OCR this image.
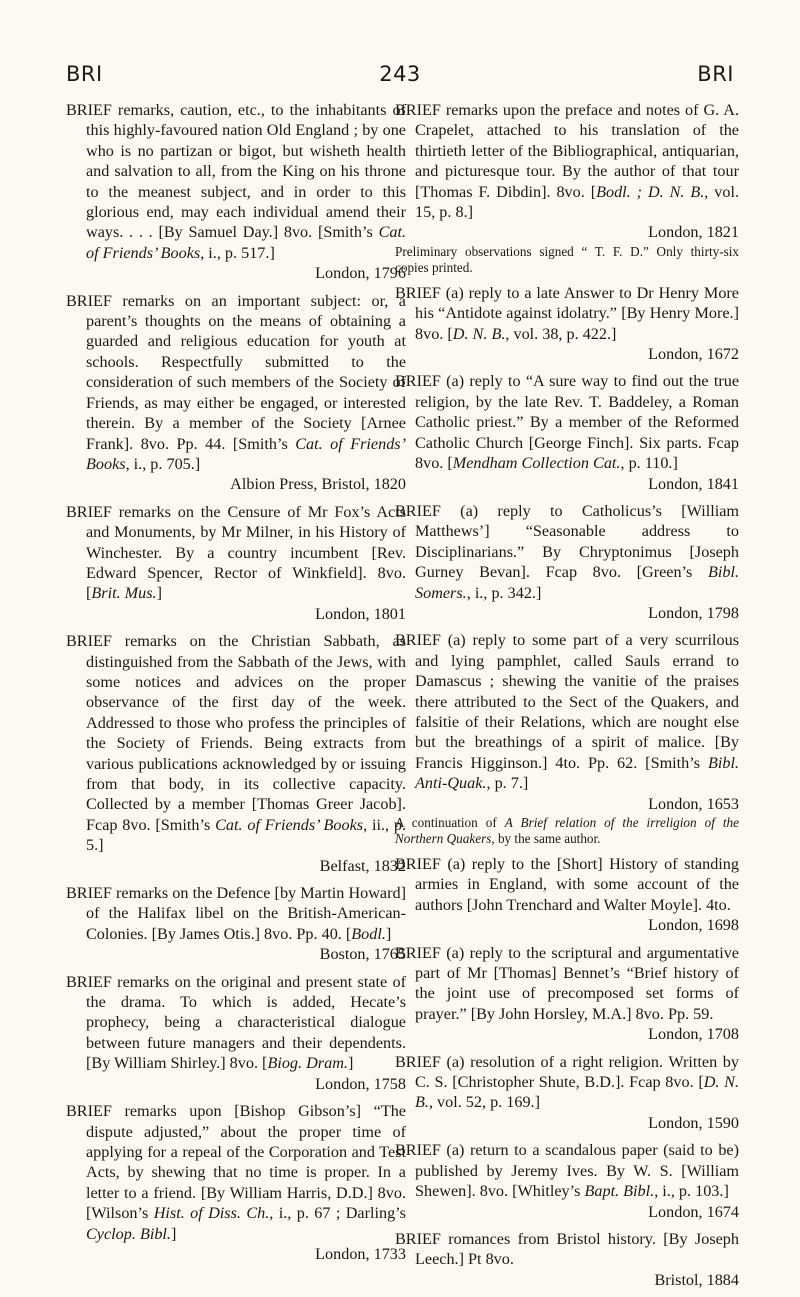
BRI	243	BRI

BRIEF remarks, caution, etc., to the inhabitants of this highly-favoured nation Old England ; by one who is no partizan or bigot, but wisheth health and salvation to all, from the King on his throne to the meanest subject, and in order to this glorious end, may each individual amend their ways. . . . [By Samuel Day.] 8vo. [Smith’s Cat. of Friends’ Books, i., p. 517.]
London, 1796

BRIEF remarks on an important subject: or, a parent’s thoughts on the means of obtaining a guarded and religious education for youth at schools. Respectfully submitted to the consideration of such members of the Society of Friends, as may either be engaged, or interested therein. By a member of the Society [Arnee Frank]. 8vo. Pp. 44. [Smith’s Cat. of Friends’ Books, i., p. 705.]
Albion Press, Bristol, 1820

BRIEF remarks on the Censure of Mr Fox’s Acts and Monuments, by Mr Milner, in his History of Winchester. By a country incumbent [Rev. Edward Spencer, Rector of Winkfield]. 8vo. [Brit. Mus.]
London, 1801

BRIEF remarks on the Christian Sabbath, as distinguished from the Sabbath of the Jews, with some notices and advices on the proper observance of the first day of the week. Addressed to those who profess the principles of the Society of Friends. Being extracts from various publications acknowledged by or issuing from that body, in its collective capacity. Collected by a member [Thomas Greer Jacob]. Fcap 8vo. [Smith’s Cat. of Friends’ Books, ii., p. 5.]
Belfast, 1832

BRIEF remarks on the Defence [by Martin Howard] of the Halifax libel on the British-American-Colonies. [By James Otis.] 8vo. Pp. 40. [Bodl.]
Boston, 1765

BRIEF remarks on the original and present state of the drama. To which is added, Hecate’s prophecy, being a characteristical dialogue between future managers and their dependents. [By William Shirley.] 8vo. [Biog. Dram.]
London, 1758

BRIEF remarks upon [Bishop Gibson’s] “The dispute adjusted,” about the proper time of applying for a repeal of the Corporation and Test Acts, by shewing that no time is proper. In a letter to a friend. [By William Harris, D.D.] 8vo. [Wilson’s Hist. of Diss. Ch., i., p. 67 ; Darling’s Cyclop. Bibl.]
London, 1733

BRIEF remarks upon the preface and notes of G. A. Crapelet, attached to his translation of the thirtieth letter of the Bibliographical, antiquarian, and picturesque tour. By the author of that tour [Thomas F. Dibdin]. 8vo. [Bodl. ; D. N. B., vol. 15, p. 8.]
London, 1821
Preliminary observations signed “ T. F. D.” Only thirty-six copies printed.

BRIEF (a) reply to a late Answer to Dr Henry More his “Antidote against idolatry.” [By Henry More.] 8vo. [D. N. B., vol. 38, p. 422.]
London, 1672

BRIEF (a) reply to “A sure way to find out the true religion, by the late Rev. T. Baddeley, a Roman Catholic priest.” By a member of the Reformed Catholic Church [George Finch]. Six parts. Fcap 8vo. [Mendham Collection Cat., p. 110.]
London, 1841

BRIEF (a) reply to Catholicus’s [William Matthews’] “Seasonable address to Disciplinarians.” By Chryptonimus [Joseph Gurney Bevan]. Fcap 8vo. [Green’s Bibl. Somers., i., p. 342.]
London, 1798

BRIEF (a) reply to some part of a very scurrilous and lying pamphlet, called Sauls errand to Damascus ; shewing the vanitie of the praises there attributed to the Sect of the Quakers, and falsitie of their Relations, which are nought else but the breathings of a spirit of malice. [By Francis Higginson.] 4to. Pp. 62. [Smith’s Bibl. Anti-Quak., p. 7.]
London, 1653
A continuation of A Brief relation of the irreligion of the Northern Quakers, by the same author.

BRIEF (a) reply to the [Short] History of standing armies in England, with some account of the authors [John Trenchard and Walter Moyle]. 4to.
London, 1698

BRIEF (a) reply to the scriptural and argumentative part of Mr [Thomas] Bennet’s “Brief history of the joint use of precomposed set forms of prayer.” [By John Horsley, M.A.] 8vo. Pp. 59.
London, 1708

BRIEF (a) resolution of a right religion. Written by C. S. [Christopher Shute, B.D.]. Fcap 8vo. [D. N. B., vol. 52, p. 169.]
London, 1590

BRIEF (a) return to a scandalous paper (said to be) published by Jeremy Ives. By W. S. [William Shewen]. 8vo. [Whitley’s Bapt. Bibl., i., p. 103.]
London, 1674

BRIEF romances from Bristol history. [By Joseph Leech.] Pt 8vo.
Bristol, 1884
